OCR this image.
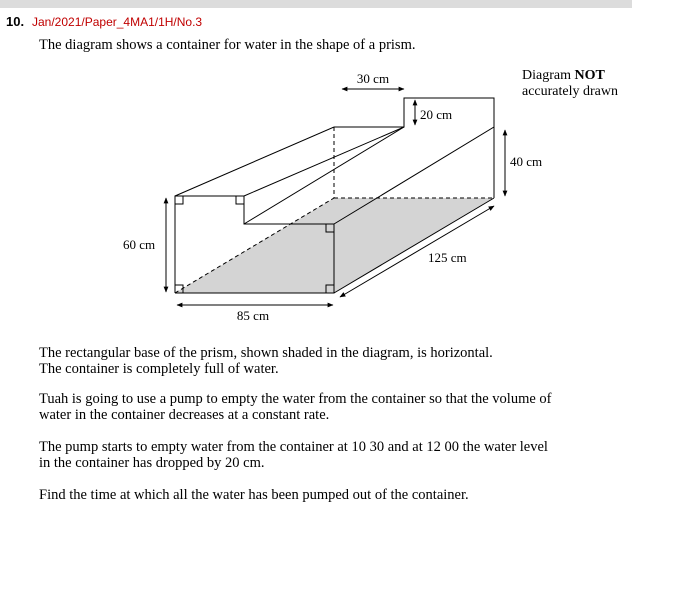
10. Jan/2021/Paper_4MA1/1H/No.3
The diagram shows a container for water in the shape of a prism.
Diagram NOT
accurately drawn
30 cm
20 cm
40 cm
60 cm
125 cm
85 cm
The rectangular base of the prism, shown shaded in the diagram, is horizontal.
The container is completely full of water.
Tuah is going to use a pump to empty the water from the container so that the volume of
water in the container decreases at a constant rate.
The pump starts to empty water from the container at 10 30 and at 12 00 the water level
in the container has dropped by 20 cm.
Find the time at which all the water has been pumped out of the container.
